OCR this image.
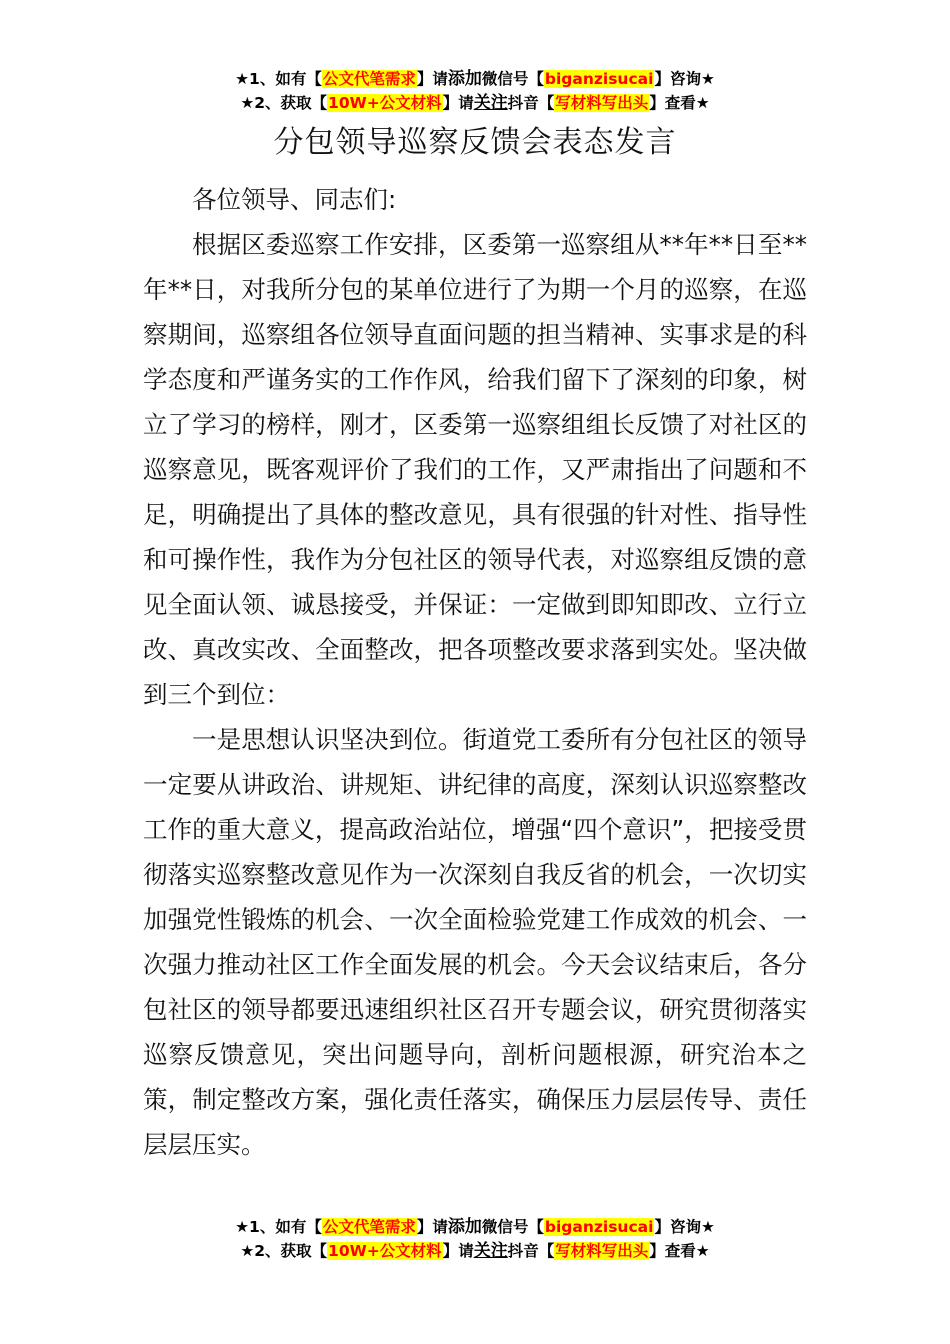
★1、如有【公文代笔需求】请添加微信号【biganzisucai】咨询★
★2、获取【10W+公文材料】请关注抖音【写材料写出头】查看★
分包领导巡察反馈会表态发言

各位领导、同志们:

根据区委巡察工作安排，区委第一巡察组从**年**日至**年**日，对我所分包的某单位进行了为期一个月的巡察，在巡察期间，巡察组各位领导直面问题的担当精神、实事求是的科学态度和严谨务实的工作作风，给我们留下了深刻的印象，树立了学习的榜样，刚才，区委第一巡察组组长反馈了对社区的巡察意见，既客观评价了我们的工作，又严肃指出了问题和不足，明确提出了具体的整改意见，具有很强的针对性、指导性和可操作性，我作为分包社区的领导代表，对巡察组反馈的意见全面认领、诚恳接受，并保证：一定做到即知即改、立行立改、真改实改、全面整改，把各项整改要求落到实处。坚决做到三个到位：

一是思想认识坚决到位。街道党工委所有分包社区的领导一定要从讲政治、讲规矩、讲纪律的高度，深刻认识巡察整改工作的重大意义，提高政治站位，增强“四个意识”，把接受贯彻落实巡察整改意见作为一次深刻自我反省的机会，一次切实加强党性锻炼的机会、一次全面检验党建工作成效的机会、一次强力推动社区工作全面发展的机会。今天会议结束后，各分包社区的领导都要迅速组织社区召开专题会议，研究贯彻落实巡察反馈意见，突出问题导向，剖析问题根源，研究治本之策，制定整改方案，强化责任落实，确保压力层层传导、责任层层压实。

★1、如有【公文代笔需求】请添加微信号【biganzisucai】咨询★
★2、获取【10W+公文材料】请关注抖音【写材料写出头】查看★
